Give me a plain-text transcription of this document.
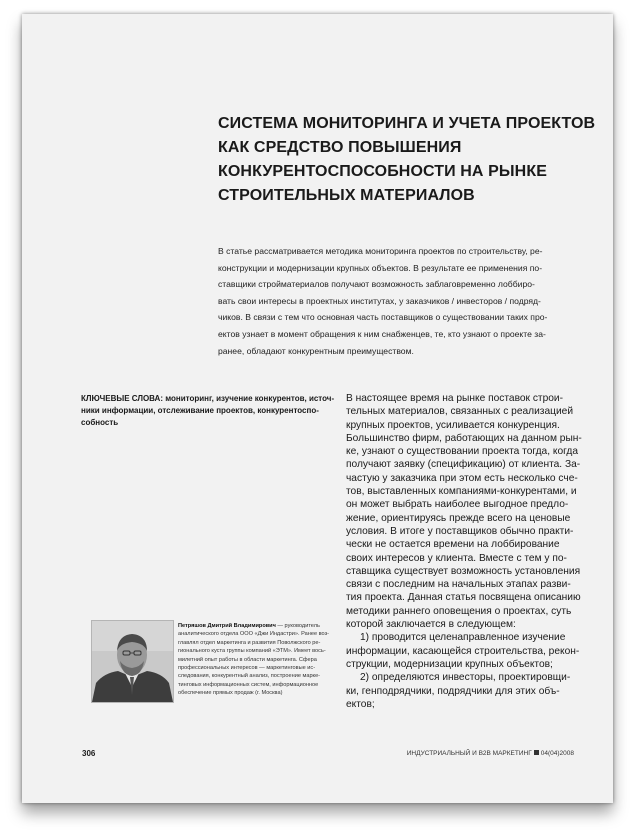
СИСТЕМА МОНИТОРИНГА И УЧЕТА ПРОЕКТОВ
КАК СРЕДСТВО ПОВЫШЕНИЯ
КОНКУРЕНТОСПОСОБНОСТИ НА РЫНКЕ
СТРОИТЕЛЬНЫХ МАТЕРИАЛОВ
В статье рассматривается методика мониторинга проектов по строительству, ре-
конструкции и модернизации крупных объектов. В результате ее применения по-
ставщики стройматериалов получают возможность заблаговременно лоббиро-
вать свои интересы в проектных институтах, у заказчиков / инвесторов / подряд-
чиков. В связи с тем что основная часть поставщиков о существовании таких про-
ектов узнает в момент обращения к ним снабженцев, те, кто узнают о проекте за-
ранее, обладают конкурентным преимуществом.
КЛЮЧЕВЫЕ СЛОВА: мониторинг, изучение конкурентов, источ-
ники информации, отслеживание проектов, конкурентоспо-
собность
В настоящее время на рынке поставок строи-
тельных материалов, связанных с реализацией
крупных проектов, усиливается конкуренция.
Большинство фирм, работающих на данном рын-
ке, узнают о существовании проекта тогда, когда
получают заявку (спецификацию) от клиента. За-
частую у заказчика при этом есть несколько сче-
тов, выставленных компаниями-конкурентами, и
он может выбрать наиболее выгодное предло-
жение, ориентируясь прежде всего на ценовые
условия. В итоге у поставщиков обычно практи-
чески не остается времени на лоббирование
своих интересов у клиента. Вместе с тем у по-
ставщика существует возможность установления
связи с последним на начальных этапах разви-
тия проекта. Данная статья посвящена описанию
методики раннего оповещения о проектах, суть
которой заключается в следующем:
1) проводится целенаправленное изучение
информации, касающейся строительства, рекон-
струкции, модернизации крупных объектов;
2) определяются инвесторы, проектировщи-
ки, генподрядчики, подрядчики для этих объ-
ектов;
Петряшов Дмитрий Владимирович — руководитель
аналитического отдела ООО «Джи Индастри». Ранее воз-
главлял отдел маркетинга и развития Поволжского ре-
гионального куста группы компаний «ЭТМ». Имеет вось-
милетний опыт работы в области маркетинга. Сфера
профессиональных интересов — маркетинговые ис-
следования, конкурентный анализ, построение марке-
тинговых информационных систем, информационное
обеспечение прямых продаж (г. Москва)
306	ИНДУСТРИАЛЬНЫЙ И B2B МАРКЕТИНГ 04(04)2008
